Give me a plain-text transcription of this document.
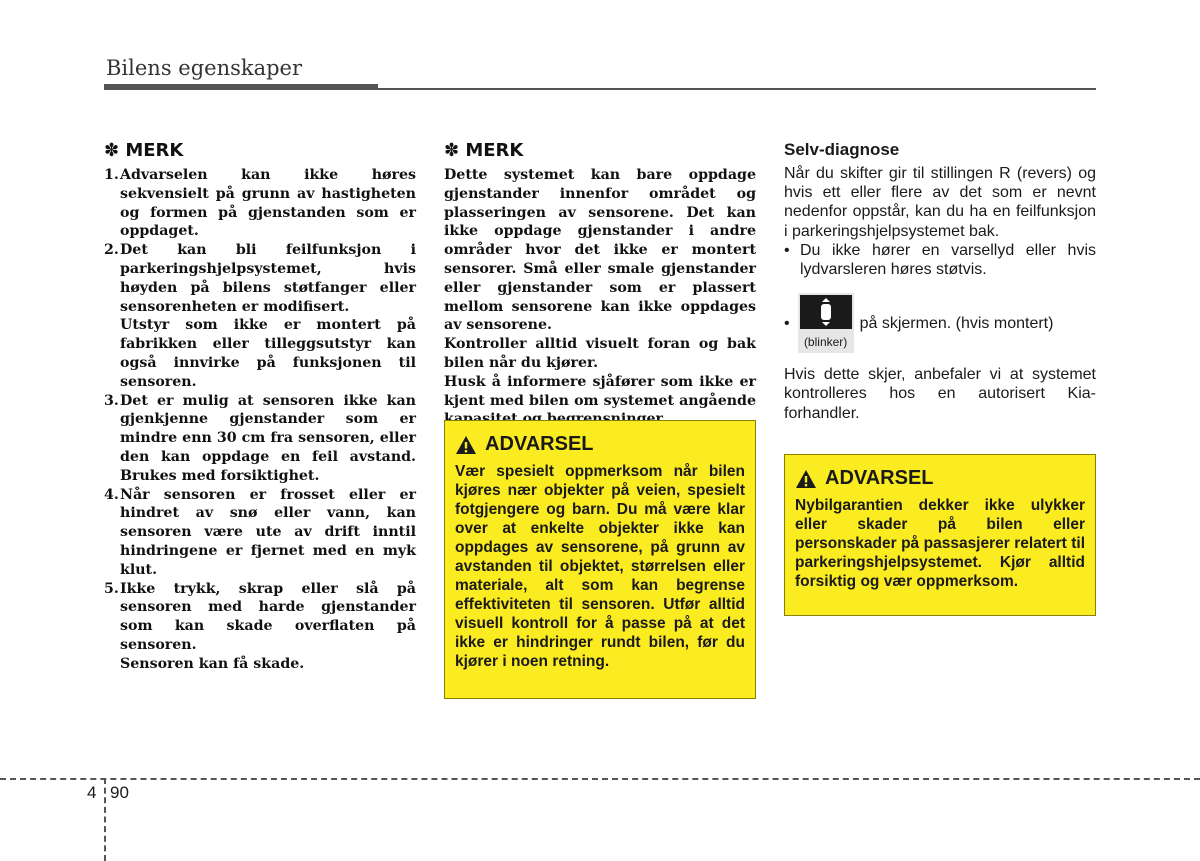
Bilens egenskaper
✽ MERK
1. Advarselen kan ikke høres sekvensielt på grunn av hastigheten og formen på gjenstanden som er oppdaget.
2. Det kan bli feilfunksjon i parkeringshjelpsystemet, hvis høyden på bilens støtfanger eller sensorenheten er modifisert.

Utstyr som ikke er montert på fabrikken eller tilleggsutstyr kan også innvirke på funksjonen til sensoren.

3. Det er mulig at sensoren ikke kan gjenkjenne gjenstander som er mindre enn 30 cm fra sensoren, eller den kan oppdage en feil avstand. Brukes med forsiktighet.
4. Når sensoren er frosset eller er hindret av snø eller vann, kan sensoren være ute av drift inntil hindringene er fjernet med en myk klut.
5. Ikke trykk, skrap eller slå på sensoren med harde gjenstander som kan skade overflaten på sensoren.

Sensoren kan få skade.

✽ MERK

Dette systemet kan bare oppdage gjenstander innenfor området og plasseringen av sensorene. Det kan ikke oppdage gjenstander i andre områder hvor det ikke er montert sensorer. Små eller smale gjenstander eller gjenstander som er plassert mellom sensorene kan ikke oppdages av sensorene.

Kontroller alltid visuelt foran og bak bilen når du kjører.

Husk å informere sjåfører som ikke er kjent med bilen om systemet angående

ADVARSEL
Vær spesielt oppmerksom når bilen kjøres nær objekter på veien, spesielt fotgjengere og barn. Du må være klar over at enkelte objekter ikke kan oppdages av sensorene, på grunn av avstanden til objektet, størrelsen eller materiale, alt som kan begrense effektiviteten til sensoren. Utfør alltid visuell kontroll for å passe på at det ikke er hindringer rundt bilen, før du kjører i noen retning.
Selv-diagnose

Når du skifter gir til stillingen R (revers) og hvis ett eller flere av det som er nevnt nedenfor oppstår, kan du ha en feilfunksjon i parkeringshjelpsystemet bak.

• Du ikke hører en varsellyd eller hvis lydvarsleren høres støtvis.
•
(blinker)
på skjermen. (hvis montert)

Hvis dette skjer, anbefaler vi at systemet kontrolleres hos en autorisert Kia-forhandler.

ADVARSEL
Nybilgarantien dekker ikke ulykker eller skader på bilen eller personskader på passasjerer relatert til parkeringshjelpsystemet. Kjør alltid forsiktig og vær oppmerksom.
4 90
